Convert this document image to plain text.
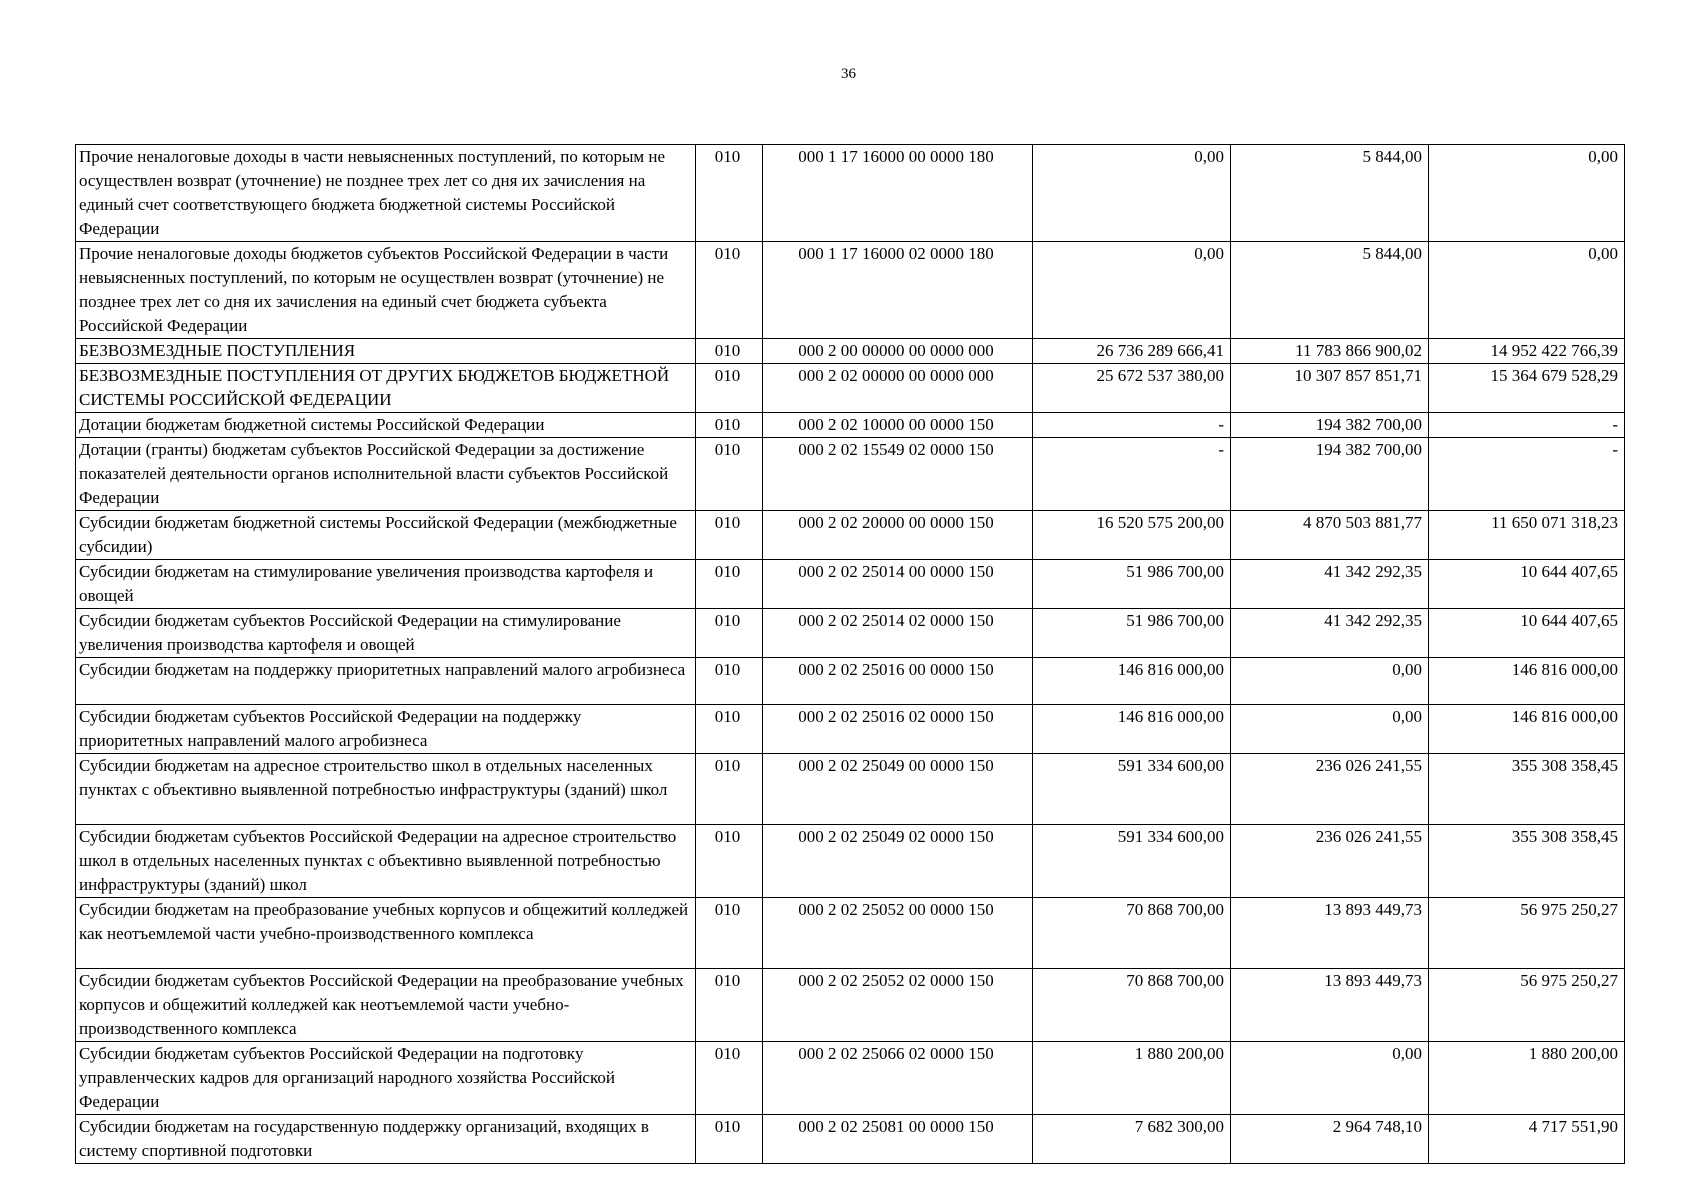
36
Прочие неналоговые доходы в части невыясненных поступлений, по которым не осуществлен возврат (уточнение) не позднее трех лет со дня их зачисления на единый счет соответствующего бюджета бюджетной системы Российской Федерации	010	000 1 17 16000 00 0000 180	0,00	5 844,00	0,00
Прочие неналоговые доходы бюджетов субъектов Российской Федерации в части невыясненных поступлений, по которым не осуществлен возврат (уточнение) не позднее трех лет со дня их зачисления на единый счет бюджета субъекта Российской Федерации	010	000 1 17 16000 02 0000 180	0,00	5 844,00	0,00
БЕЗВОЗМЕЗДНЫЕ ПОСТУПЛЕНИЯ	010	000 2 00 00000 00 0000 000	26 736 289 666,41	11 783 866 900,02	14 952 422 766,39
БЕЗВОЗМЕЗДНЫЕ ПОСТУПЛЕНИЯ ОТ ДРУГИХ БЮДЖЕТОВ БЮДЖЕТНОЙ СИСТЕМЫ РОССИЙСКОЙ ФЕДЕРАЦИИ	010	000 2 02 00000 00 0000 000	25 672 537 380,00	10 307 857 851,71	15 364 679 528,29
Дотации бюджетам бюджетной системы Российской Федерации	010	000 2 02 10000 00 0000 150	-	194 382 700,00	-
Дотации (гранты) бюджетам субъектов Российской Федерации за достижение показателей деятельности органов исполнительной власти субъектов Российской Федерации	010	000 2 02 15549 02 0000 150	-	194 382 700,00	-
Субсидии бюджетам бюджетной системы Российской Федерации (межбюджетные субсидии)	010	000 2 02 20000 00 0000 150	16 520 575 200,00	4 870 503 881,77	11 650 071 318,23
Субсидии бюджетам на стимулирование увеличения производства картофеля и овощей	010	000 2 02 25014 00 0000 150	51 986 700,00	41 342 292,35	10 644 407,65
Субсидии бюджетам субъектов Российской Федерации на стимулирование увеличения производства картофеля и овощей	010	000 2 02 25014 02 0000 150	51 986 700,00	41 342 292,35	10 644 407,65
Субсидии бюджетам на поддержку приоритетных направлений малого агробизнеса	010	000 2 02 25016 00 0000 150	146 816 000,00	0,00	146 816 000,00
Субсидии бюджетам субъектов Российской Федерации на поддержку приоритетных направлений малого агробизнеса	010	000 2 02 25016 02 0000 150	146 816 000,00	0,00	146 816 000,00
Субсидии бюджетам на адресное строительство школ в отдельных населенных пунктах с объективно выявленной потребностью инфраструктуры (зданий) школ	010	000 2 02 25049 00 0000 150	591 334 600,00	236 026 241,55	355 308 358,45
Субсидии бюджетам субъектов Российской Федерации на адресное строительство школ в отдельных населенных пунктах с объективно выявленной потребностью инфраструктуры (зданий) школ	010	000 2 02 25049 02 0000 150	591 334 600,00	236 026 241,55	355 308 358,45
Субсидии бюджетам на преобразование учебных корпусов и общежитий колледжей как неотъемлемой части учебно-производственного комплекса	010	000 2 02 25052 00 0000 150	70 868 700,00	13 893 449,73	56 975 250,27
Субсидии бюджетам субъектов Российской Федерации на преобразование учебных корпусов и общежитий колледжей как неотъемлемой части учебно-производственного комплекса	010	000 2 02 25052 02 0000 150	70 868 700,00	13 893 449,73	56 975 250,27
Субсидии бюджетам субъектов Российской Федерации на подготовку управленческих кадров для организаций народного хозяйства Российской Федерации	010	000 2 02 25066 02 0000 150	1 880 200,00	0,00	1 880 200,00
Субсидии бюджетам на государственную поддержку организаций, входящих в систему спортивной подготовки	010	000 2 02 25081 00 0000 150	7 682 300,00	2 964 748,10	4 717 551,90
